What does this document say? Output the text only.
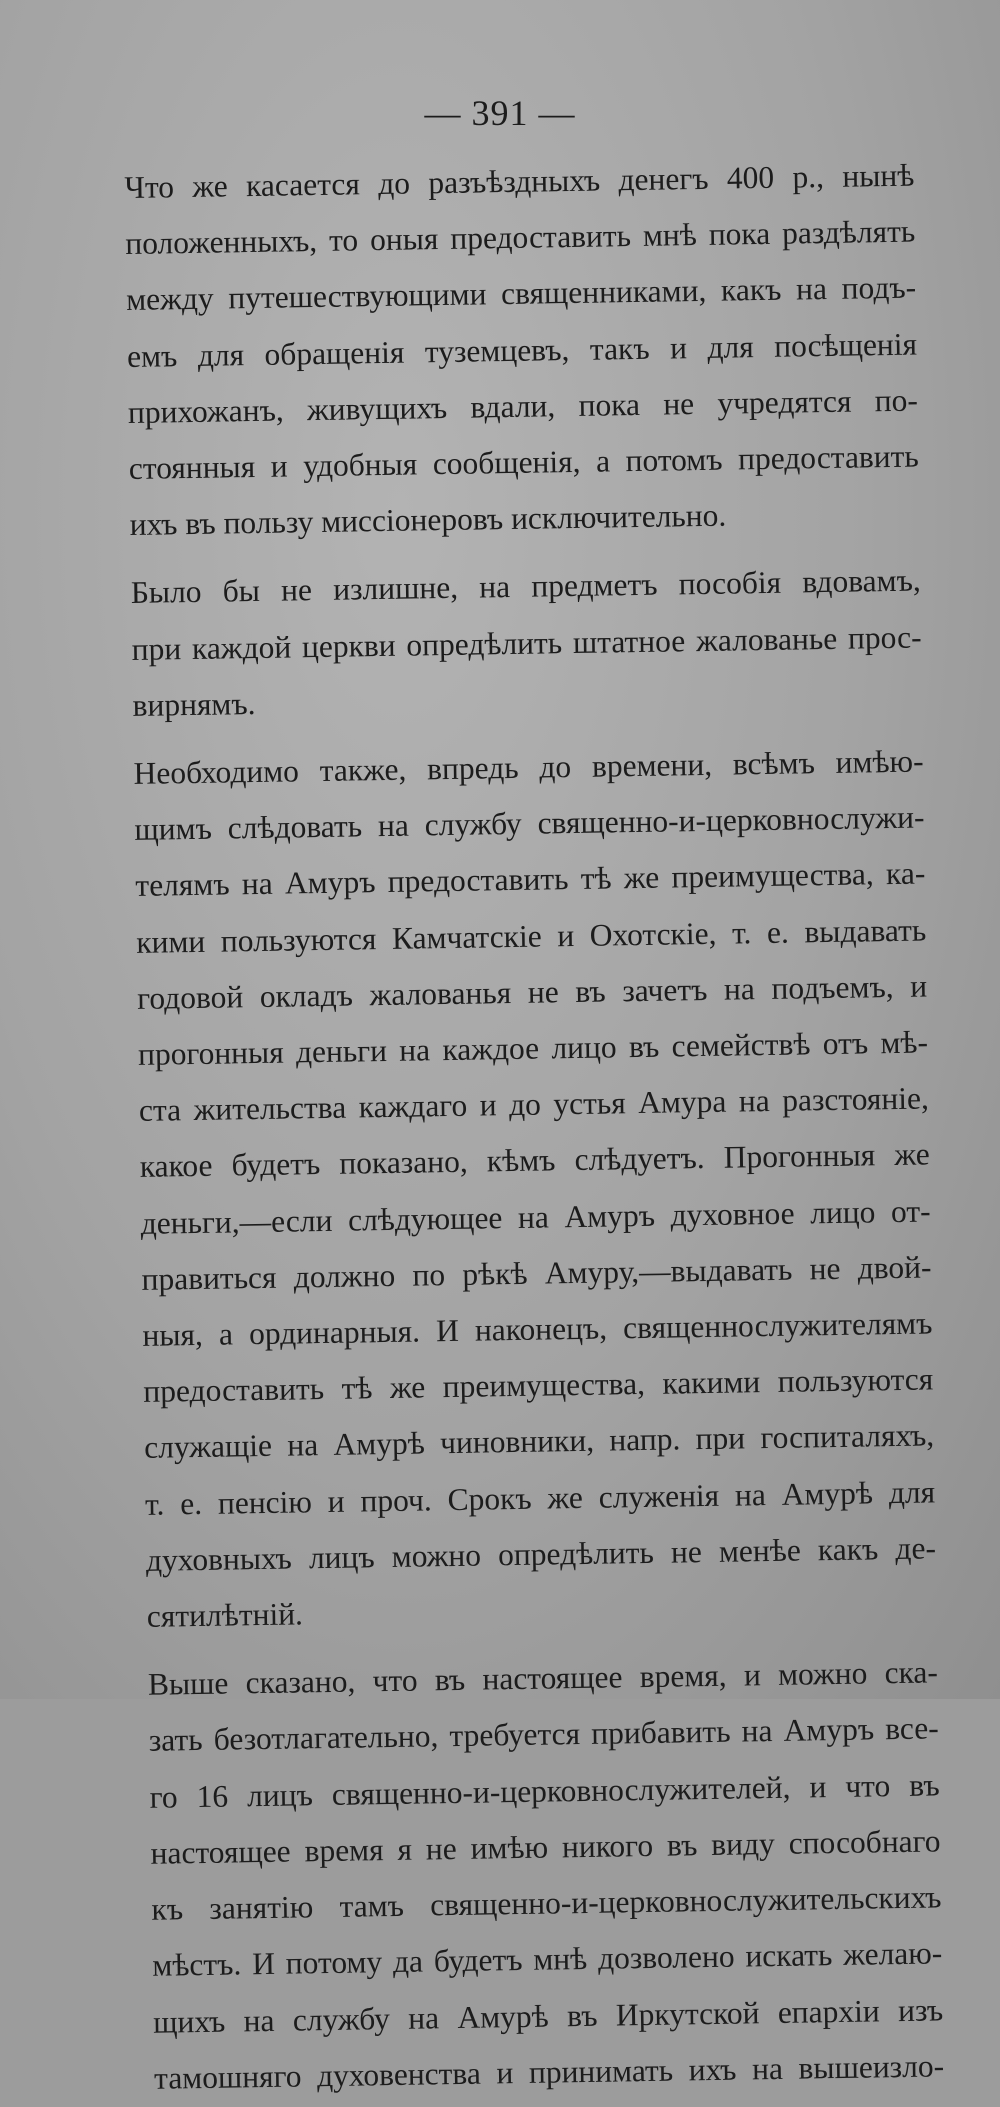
— 391 —
Что же касается до разъѣздныхъ денегъ 400 р., нынѣ
положенныхъ, то оныя предоставить мнѣ пока раздѣлять
между путешествующими священниками, какъ на подъ-
емъ для обращенія туземцевъ, такъ и для посѣщенія
прихожанъ, живущихъ вдали, пока не учредятся по-
стоянныя и удобныя сообщенія, а потомъ предоставить
ихъ въ пользу миссіонеровъ исключительно.
Было бы не излишне, на предметъ пособія вдовамъ,
при каждой церкви опредѣлить штатное жалованье прос-
вирнямъ.
Необходимо также, впредь до времени, всѣмъ имѣю-
щимъ слѣдовать на службу священно-и-церковнослужи-
телямъ на Амуръ предоставить тѣ же преимущества, ка-
кими пользуются Камчатскіе и Охотскіе, т. е. выдавать
годовой окладъ жалованья не въ зачетъ на подъемъ, и
прогонныя деньги на каждое лицо въ семействѣ отъ мѣ-
ста жительства каждаго и до устья Амура на разстояніе,
какое будетъ показано, кѣмъ слѣдуетъ. Прогонныя же
деньги,—если слѣдующее на Амуръ духовное лицо от-
правиться должно по рѣкѣ Амуру,—выдавать не двой-
ныя, а ординарныя. И наконецъ, священнослужителямъ
предоставить тѣ же преимущества, какими пользуются
служащіе на Амурѣ чиновники, напр. при госпиталяхъ,
т. е. пенсію и проч. Срокъ же служенія на Амурѣ для
духовныхъ лицъ можно опредѣлить не менѣе какъ де-
сятилѣтній.
Выше сказано, что въ настоящее время, и можно ска-
зать безотлагательно, требуется прибавить на Амуръ все-
го 16 лицъ священно-и-церковнослужителей, и что въ
настоящее время я не имѣю никого въ виду способнаго
къ занятію тамъ священно-и-церковнослужительскихъ
мѣстъ. И потому да будетъ мнѣ дозволено искать желаю-
щихъ на службу на Амурѣ въ Иркутской епархіи изъ
тамошняго духовенства и принимать ихъ на вышеизло-
